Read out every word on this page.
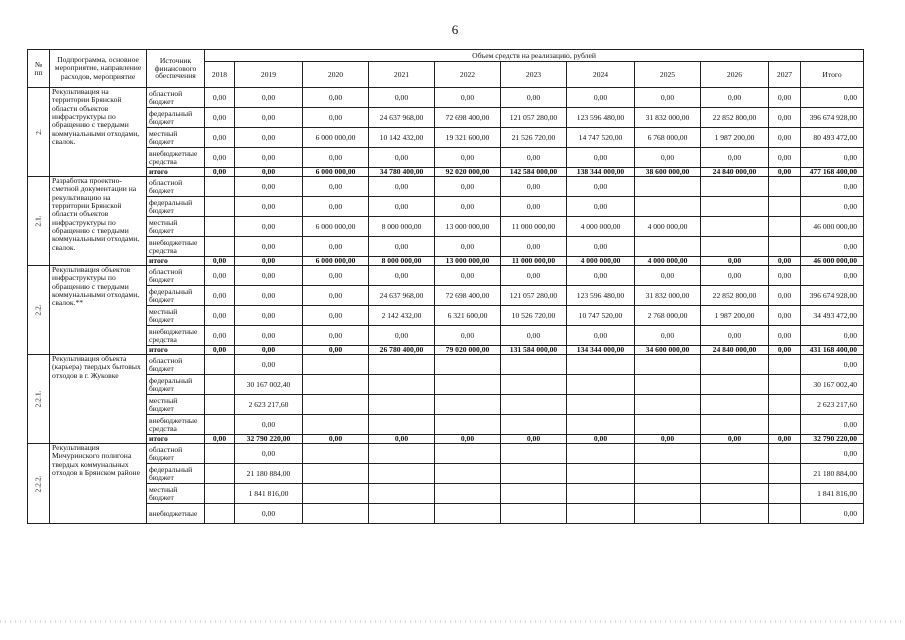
6
№ пп	Подпрограмма, основное мероприятие, направление расходов, мероприятие	Источник финансового обеспечения	Объем средств на реализацию, рублей										
			2018	2019	2020	2021	2022	2023	2024	2025	2026	2027	Итого
2.	Рекультивация на территории Брянской области объектов инфраструктуры по обращению с твердыми коммунальными отходами, свалок.	областной бюджет	0,00	0,00	0,00	0,00	0,00	0,00	0,00	0,00	0,00	0,00	0,00
		федеральный бюджет	0,00	0,00	0,00	24 637 968,00	72 698 400,00	121 057 280,00	123 596 480,00	31 832 000,00	22 852 800,00	0,00	396 674 928,00
		местный бюджет	0,00	0,00	6 000 000,00	10 142 432,00	19 321 600,00	21 526 720,00	14 747 520,00	6 768 000,00	1 987 200,00	0,00	80 493 472,00
		внебюджетные средства	0,00	0,00	0,00	0,00	0,00	0,00	0,00	0,00	0,00	0,00	0,00
		итого	0,00	0,00	6 000 000,00	34 780 400,00	92 020 000,00	142 584 000,00	138 344 000,00	38 600 000,00	24 840 000,00	0,00	477 168 400,00
2.1.	Разработка проектно-сметной документации на рекультивацию на территории Брянской области объектов инфраструктуры по обращению с твердыми коммунальными отходами, свалок.	областной бюджет		0,00	0,00	0,00	0,00	0,00	0,00				0,00
		федеральный бюджет		0,00	0,00	0,00	0,00	0,00	0,00				0,00
		местный бюджет		0,00	6 000 000,00	8 000 000,00	13 000 000,00	11 000 000,00	4 000 000,00	4 000 000,00			46 000 000,00
		внебюджетные средства		0,00	0,00	0,00	0,00	0,00	0,00				0,00
		итого	0,00	0,00	6 000 000,00	8 000 000,00	13 000 000,00	11 000 000,00	4 000 000,00	4 000 000,00	0,00	0,00	46 000 000,00
2.2.	Рекультивация объектов инфраструктуры по обращению с твердыми коммунальными отходами, свалок.**	областной бюджет	0,00	0,00	0,00	0,00	0,00	0,00	0,00	0,00	0,00	0,00	0,00
		федеральный бюджет	0,00	0,00	0,00	24 637 968,00	72 698 400,00	121 057 280,00	123 596 480,00	31 832 000,00	22 852 800,00	0,00	396 674 928,00
		местный бюджет	0,00	0,00	0,00	2 142 432,00	6 321 600,00	10 526 720,00	10 747 520,00	2 768 000,00	1 987 200,00	0,00	34 493 472,00
		внебюджетные средства	0,00	0,00	0,00	0,00	0,00	0,00	0,00	0,00	0,00	0,00	0,00
		итого	0,00	0,00	0,00	26 780 400,00	79 020 000,00	131 584 000,00	134 344 000,00	34 600 000,00	24 840 000,00	0,00	431 168 400,00
2.2.1.	Рекультивация объекта (карьера) твердых бытовых отходов в г. Жуковке	областной бюджет		0,00									0,00
		федеральный бюджет		30 167 002,40									30 167 002,40
		местный бюджет		2 623 217,60									2 623 217,60
		внебюджетные средства		0,00									0,00
		итого	0,00	32 790 220,00	0,00	0,00	0,00	0,00	0,00	0,00	0,00	0,00	32 790 220,00
2.2.2.	Рекультивация Мичуринского полигона твердых коммунальных отходов в Брянском районе	областной бюджет		0,00									0,00
		федеральный бюджет		21 180 884,00									21 180 884,00
		местный бюджет		1 841 816,00									1 841 816,00
		внебюджетные		0,00									0,00
